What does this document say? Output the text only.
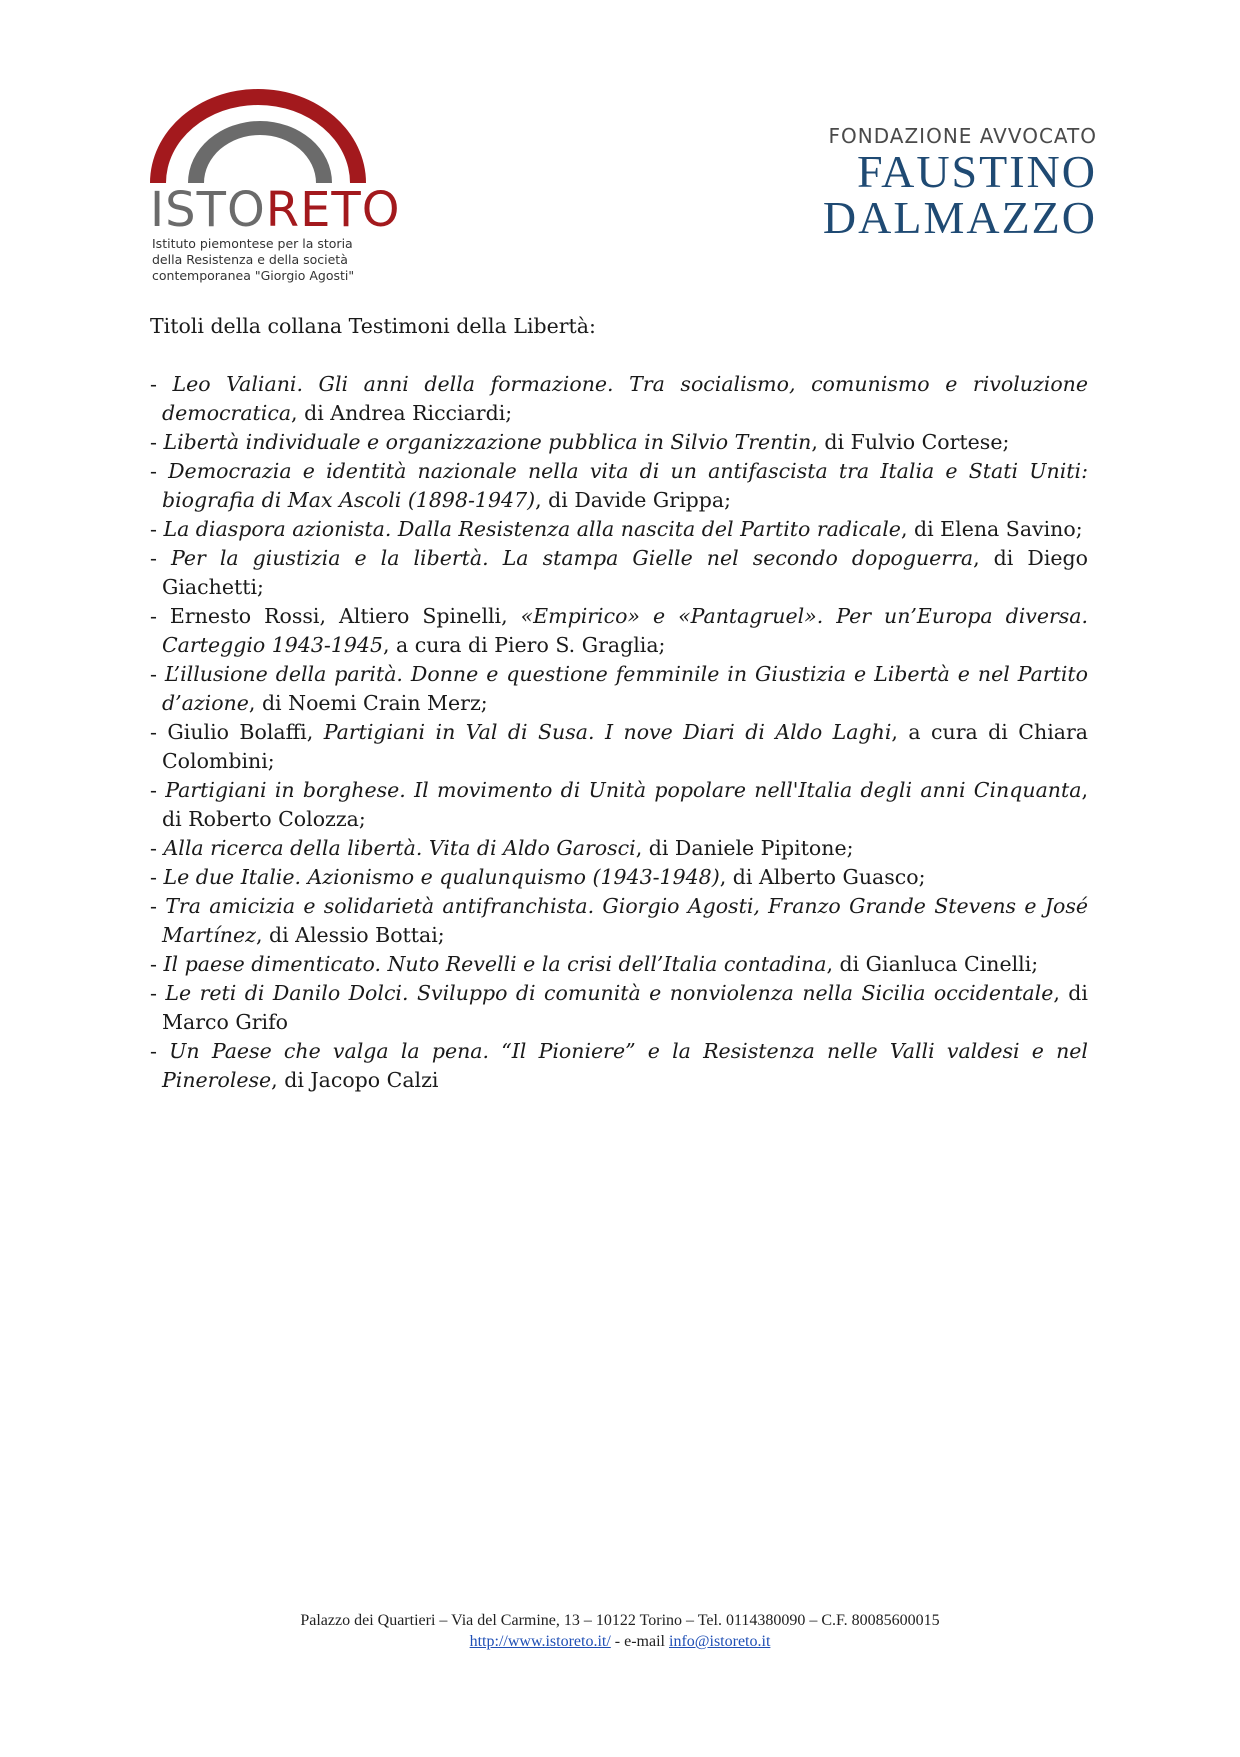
ISTORETO
Istituto piemontese per la storia
della Resistenza e della società
contemporanea "Giorgio Agosti"
FONDAZIONE AVVOCATO
FAUSTINO
DALMAZZO

Titoli della collana Testimoni della Libertà:

- Leo Valiani. Gli anni della formazione. Tra socialismo, comunismo e rivoluzione democratica, di Andrea Ricciardi;
- Libertà individuale e organizzazione pubblica in Silvio Trentin, di Fulvio Cortese;
- Democrazia e identità nazionale nella vita di un antifascista tra Italia e Stati Uniti: biografia di Max Ascoli (1898-1947), di Davide Grippa;
- La diaspora azionista. Dalla Resistenza alla nascita del Partito radicale, di Elena Savino;
- Per la giustizia e la libertà. La stampa Gielle nel secondo dopoguerra, di Diego Giachetti;
- Ernesto Rossi, Altiero Spinelli, «Empirico» e «Pantagruel». Per un’Europa diversa. Carteggio 1943-1945, a cura di Piero S. Graglia;
- L’illusione della parità. Donne e questione femminile in Giustizia e Libertà e nel Partito d’azione, di Noemi Crain Merz;
- Giulio Bolaffi, Partigiani in Val di Susa. I nove Diari di Aldo Laghi, a cura di Chiara Colombini;
- Partigiani in borghese. Il movimento di Unità popolare nell'Italia degli anni Cinquanta, di Roberto Colozza;
- Alla ricerca della libertà. Vita di Aldo Garosci, di Daniele Pipitone;
- Le due Italie. Azionismo e qualunquismo (1943-1948), di Alberto Guasco;
- Tra amicizia e solidarietà antifranchista. Giorgio Agosti, Franzo Grande Stevens e José Martínez, di Alessio Bottai;
- Il paese dimenticato. Nuto Revelli e la crisi dell’Italia contadina, di Gianluca Cinelli;
- Le reti di Danilo Dolci. Sviluppo di comunità e nonviolenza nella Sicilia occidentale, di Marco Grifo
- Un Paese che valga la pena. “Il Pioniere” e la Resistenza nelle Valli valdesi e nel Pinerolese, di Jacopo Calzi
Palazzo dei Quartieri – Via del Carmine, 13 – 10122 Torino – Tel. 0114380090 – C.F. 80085600015
http://www.istoreto.it/ - e-mail info@istoreto.it
